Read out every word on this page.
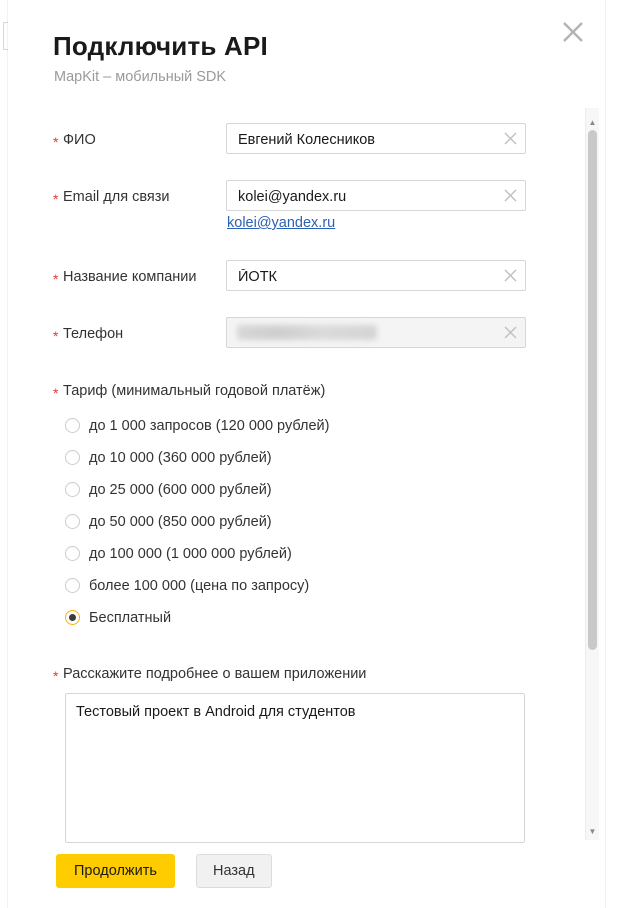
Подключить API
MapKit – мобильный SDK
* ФИО
Евгений Колесников
* Email для связи
kolei@yandex.ru
kolei@yandex.ru
* Название компании
ЙОТК
* Телефон
* Тариф (минимальный годовой платёж)
до 1 000 запросов (120 000 рублей)
до 10 000 (360 000 рублей)
до 25 000 (600 000 рублей)
до 50 000 (850 000 рублей)
до 100 000 (1 000 000 рублей)
более 100 000 (цена по запросу)
Бесплатный
* Расскажите подробнее о вашем приложении
Тестовый проект в Android для студентов
▲
▼
Продолжить	Назад
